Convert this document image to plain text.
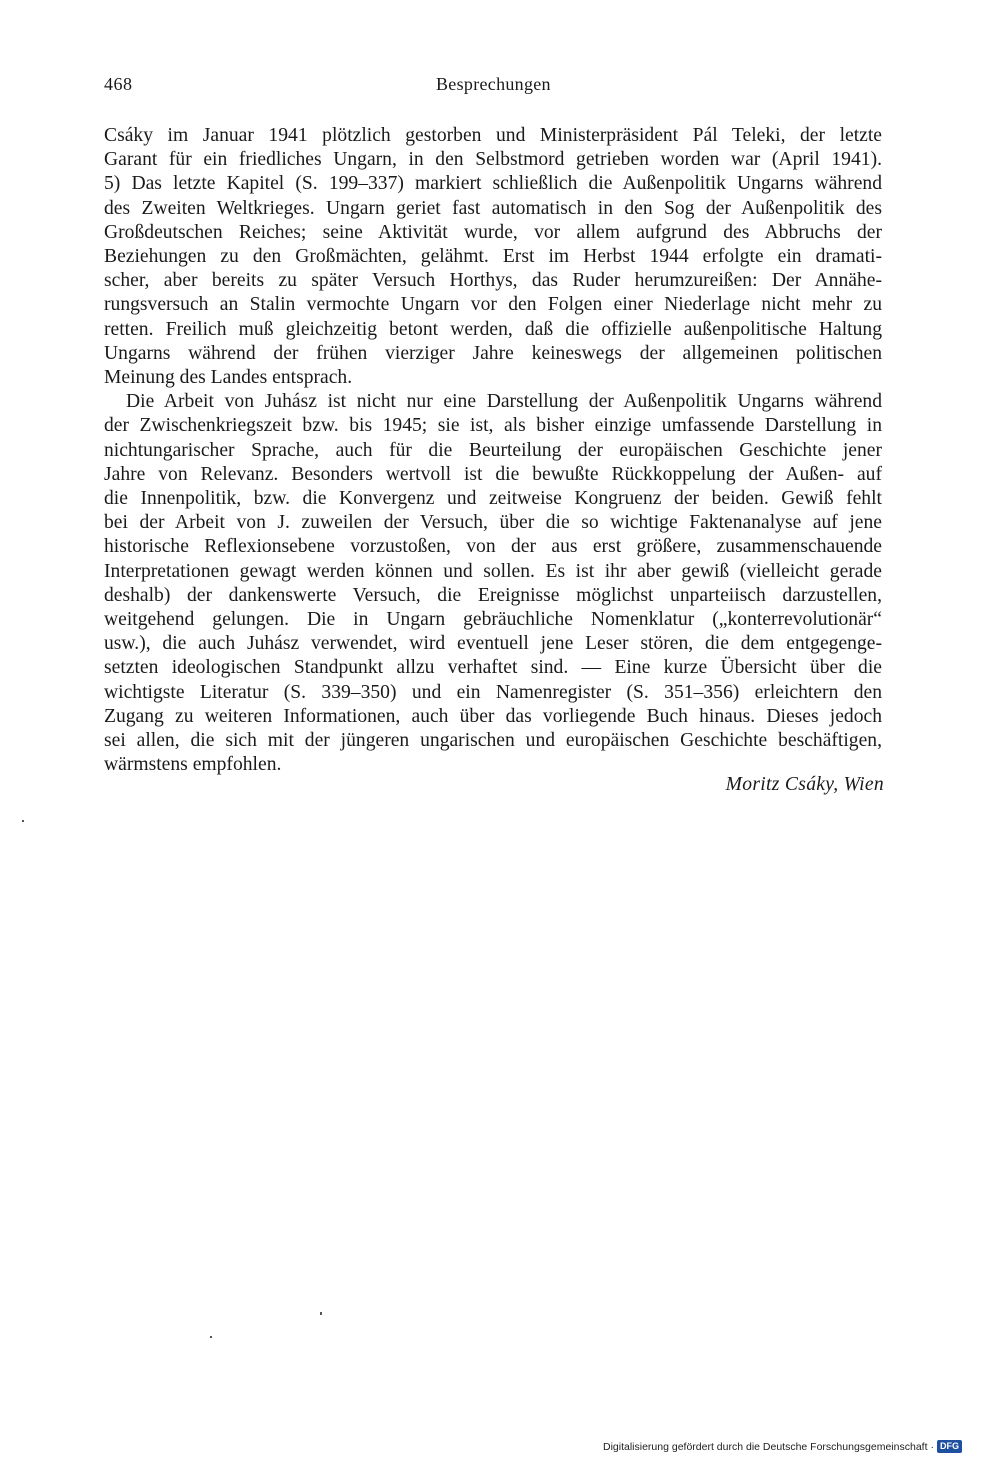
468	Besprechungen
Csáky im Januar 1941 plötzlich gestorben und Ministerpräsident Pál Teleki, der letzte
Garant für ein friedliches Ungarn, in den Selbstmord getrieben worden war (April 1941).
5) Das letzte Kapitel (S. 199–337) markiert schließlich die Außenpolitik Ungarns während
des Zweiten Weltkrieges. Ungarn geriet fast automatisch in den Sog der Außenpolitik des
Großdeutschen Reiches; seine Aktivität wurde, vor allem aufgrund des Abbruchs der
Beziehungen zu den Großmächten, gelähmt. Erst im Herbst 1944 erfolgte ein dramati-
scher, aber bereits zu später Versuch Horthys, das Ruder herumzureißen: Der Annähe-
rungsversuch an Stalin vermochte Ungarn vor den Folgen einer Niederlage nicht mehr zu
retten. Freilich muß gleichzeitig betont werden, daß die offizielle außenpolitische Haltung
Ungarns während der frühen vierziger Jahre keineswegs der allgemeinen politischen
Meinung des Landes entsprach.
Die Arbeit von Juhász ist nicht nur eine Darstellung der Außenpolitik Ungarns während
der Zwischenkriegszeit bzw. bis 1945; sie ist, als bisher einzige umfassende Darstellung in
nichtungarischer Sprache, auch für die Beurteilung der europäischen Geschichte jener
Jahre von Relevanz. Besonders wertvoll ist die bewußte Rückkoppelung der Außen- auf
die Innenpolitik, bzw. die Konvergenz und zeitweise Kongruenz der beiden. Gewiß fehlt
bei der Arbeit von J. zuweilen der Versuch, über die so wichtige Faktenanalyse auf jene
historische Reflexionsebene vorzustoßen, von der aus erst größere, zusammenschauende
Interpretationen gewagt werden können und sollen. Es ist ihr aber gewiß (vielleicht gerade
deshalb) der dankenswerte Versuch, die Ereignisse möglichst unparteiisch darzustellen,
weitgehend gelungen. Die in Ungarn gebräuchliche Nomenklatur („konterrevolutionär“
usw.), die auch Juhász verwendet, wird eventuell jene Leser stören, die dem entgegenge-
setzten ideologischen Standpunkt allzu verhaftet sind. — Eine kurze Übersicht über die
wichtigste Literatur (S. 339–350) und ein Namenregister (S. 351–356) erleichtern den
Zugang zu weiteren Informationen, auch über das vorliegende Buch hinaus. Dieses jedoch
sei allen, die sich mit der jüngeren ungarischen und europäischen Geschichte beschäftigen,
wärmstens empfohlen.
Moritz Csáky, Wien
Digitalisierung gefördert durch die Deutsche Forschungsgemeinschaft · DFG
